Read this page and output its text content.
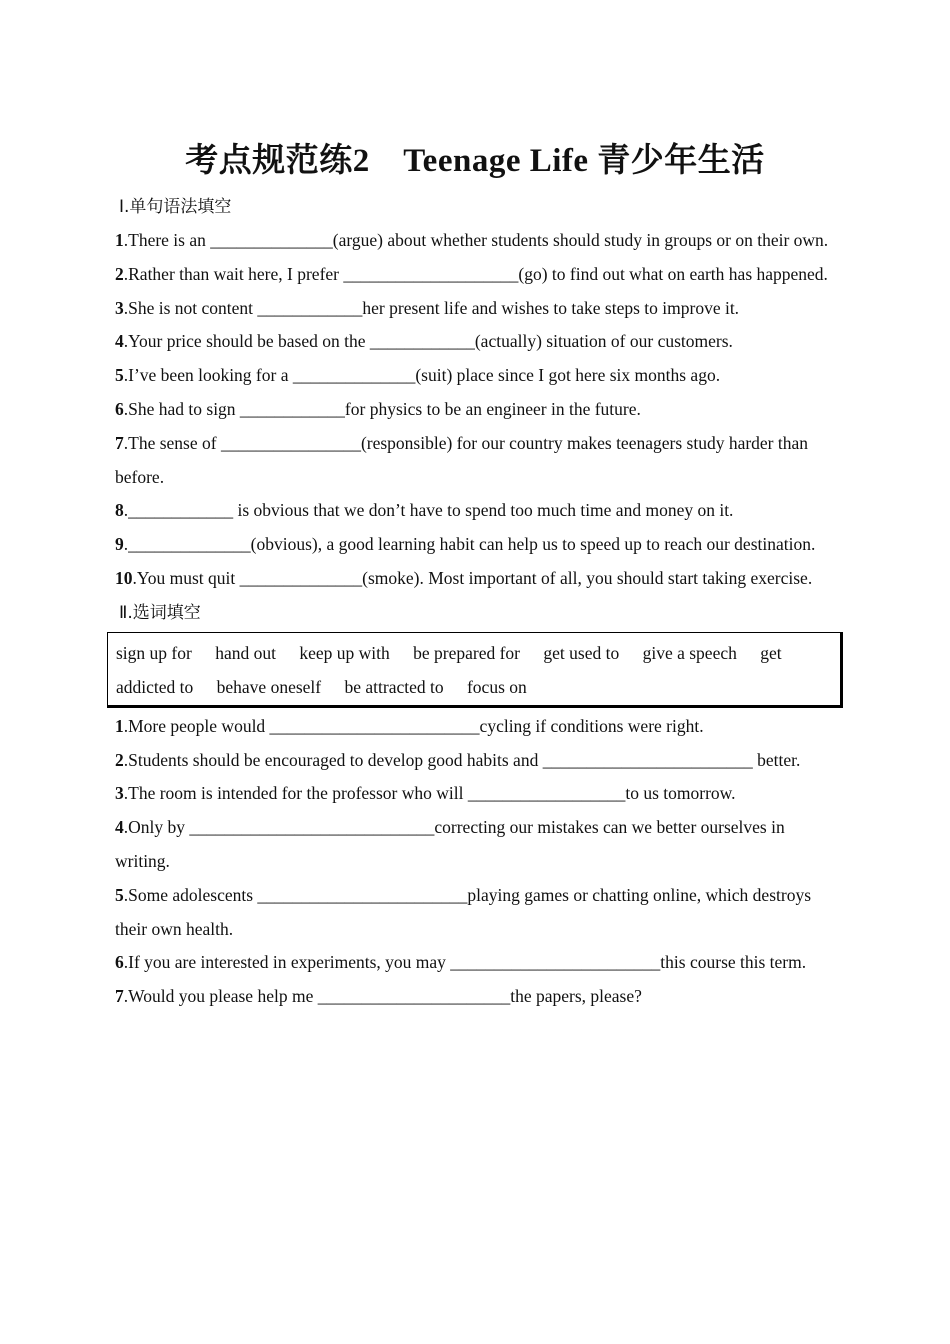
考点规范练2　Teenage Life 青少年生活
Ⅰ.单句语法填空
1.There is an ______________(argue) about whether students should study in groups or on their own.
2.Rather than wait here, I prefer ____________________(go) to find out what on earth has happened.
3.She is not content ____________her present life and wishes to take steps to improve it.
4.Your price should be based on the ____________(actually) situation of our customers.
5.I’ve been looking for a ______________(suit) place since I got here six months ago.
6.She had to sign ____________for physics to be an engineer in the future.
7.The sense of ________________(responsible) for our country makes teenagers study harder than before.
8.____________ is obvious that we don’t have to spend too much time and money on it.
9.______________(obvious), a good learning habit can help us to speed up to reach our destination.
10.You must quit ______________(smoke). Most important of all, you should start taking exercise.
Ⅱ.选词填空
sign up for hand out keep up with be prepared for get used to give a speech get addicted to behave oneself be attracted to focus on
1.More people would ________________________cycling if conditions were right.
2.Students should be encouraged to develop good habits and ________________________ better.
3.The room is intended for the professor who will __________________to us tomorrow.
4.Only by ____________________________correcting our mistakes can we better ourselves in writing.
5.Some adolescents ________________________playing games or chatting online, which destroys their own health.
6.If you are interested in experiments, you may ________________________this course this term.
7.Would you please help me ______________________the papers, please?
